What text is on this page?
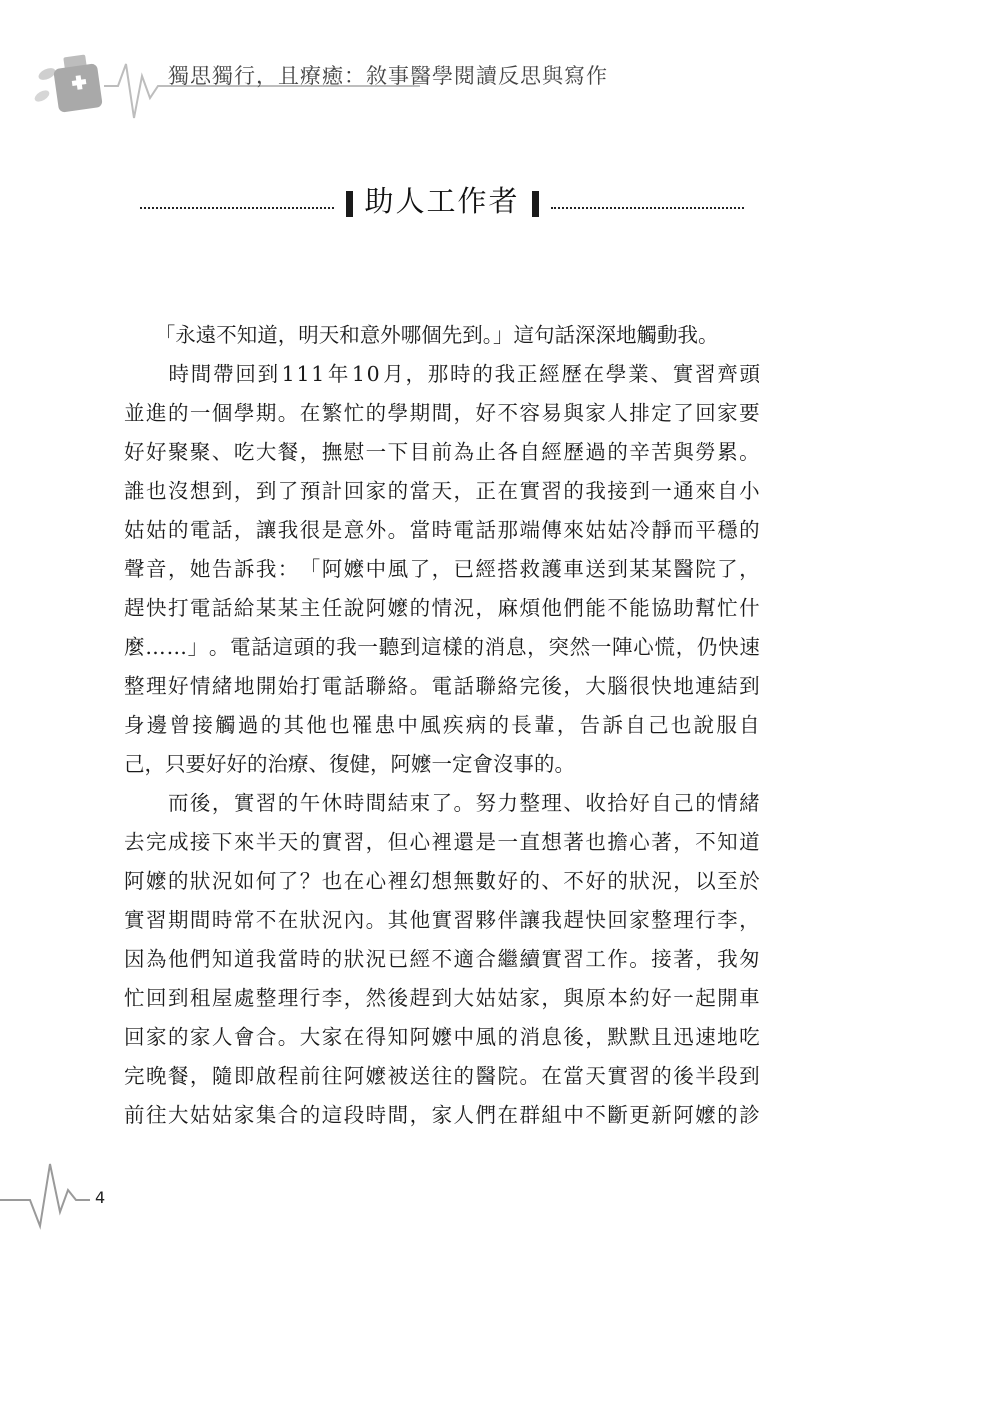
獨思獨行，且療癒：敘事醫學閱讀反思與寫作
助人工作者
　　「永遠不知道，明天和意外哪個先到。」這句話深深地觸動我。

時 間 帶 回 到 1 1 1 年 1 0 月 ， 那 時 的 我 正 經 歷 在 學 業 、 實 習 齊 頭
並 進 的 一 個 學 期 。 在 繁 忙 的 學 期 間 ， 好 不 容 易 與 家 人 排 定 了 回 家 要
好 好 聚 聚 、 吃 大 餐 ， 撫 慰 一 下 目 前 為 止 各 自 經 歷 過 的 辛 苦 與 勞 累 。
誰 也 沒 想 到 ， 到 了 預 計 回 家 的 當 天 ， 正 在 實 習 的 我 接 到 一 通 來 自 小
姑 姑 的 電 話 ， 讓 我 很 是 意 外 。 當 時 電 話 那 端 傳 來 姑 姑 冷 靜 而 平 穩 的
聲 音 ， 她 告 訴 我 ： 「 阿 嬤 中 風 了 ， 已 經 搭 救 護 車 送 到 某 某 醫 院 了 ，
趕 快 打 電 話 給 某 某 主 任 說 阿 嬤 的 情 況 ， 麻 煩 他 們 能 不 能 協 助 幫 忙 什
麼 … … 」 。 電 話 這 頭 的 我 一 聽 到 這 樣 的 消 息 ， 突 然 一 陣 心 慌 ， 仍 快 速
整 理 好 情 緒 地 開 始 打 電 話 聯 絡 。 電 話 聯 絡 完 後 ， 大 腦 很 快 地 連 結 到
身 邊 曾 接 觸 過 的 其 他 也 罹 患 中 風 疾 病 的 長 輩 ， 告 訴 自 己 也 說 服 自
己，只要好好的治療、復健，阿嬤一定會沒事的。

而 後 ， 實 習 的 午 休 時 間 結 束 了 。 努 力 整 理 、 收 拾 好 自 己 的 情 緒
去 完 成 接 下 來 半 天 的 實 習 ， 但 心 裡 還 是 一 直 想 著 也 擔 心 著 ， 不 知 道
阿 嬤 的 狀 況 如 何 了 ？ 也 在 心 裡 幻 想 無 數 好 的 、 不 好 的 狀 況 ， 以 至 於
實 習 期 間 時 常 不 在 狀 況 內 。 其 他 實 習 夥 伴 讓 我 趕 快 回 家 整 理 行 李 ，
因 為 他 們 知 道 我 當 時 的 狀 況 已 經 不 適 合 繼 續 實 習 工 作 。 接 著 ， 我 匆
忙 回 到 租 屋 處 整 理 行 李 ， 然 後 趕 到 大 姑 姑 家 ， 與 原 本 約 好 一 起 開 車
回 家 的 家 人 會 合 。 大 家 在 得 知 阿 嬤 中 風 的 消 息 後 ， 默 默 且 迅 速 地 吃
完 晚 餐 ， 隨 即 啟 程 前 往 阿 嬤 被 送 往 的 醫 院 。 在 當 天 實 習 的 後 半 段 到
前 往 大 姑 姑 家 集 合 的 這 段 時 間 ， 家 人 們 在 群 組 中 不 斷 更 新 阿 嬤 的 診
4
